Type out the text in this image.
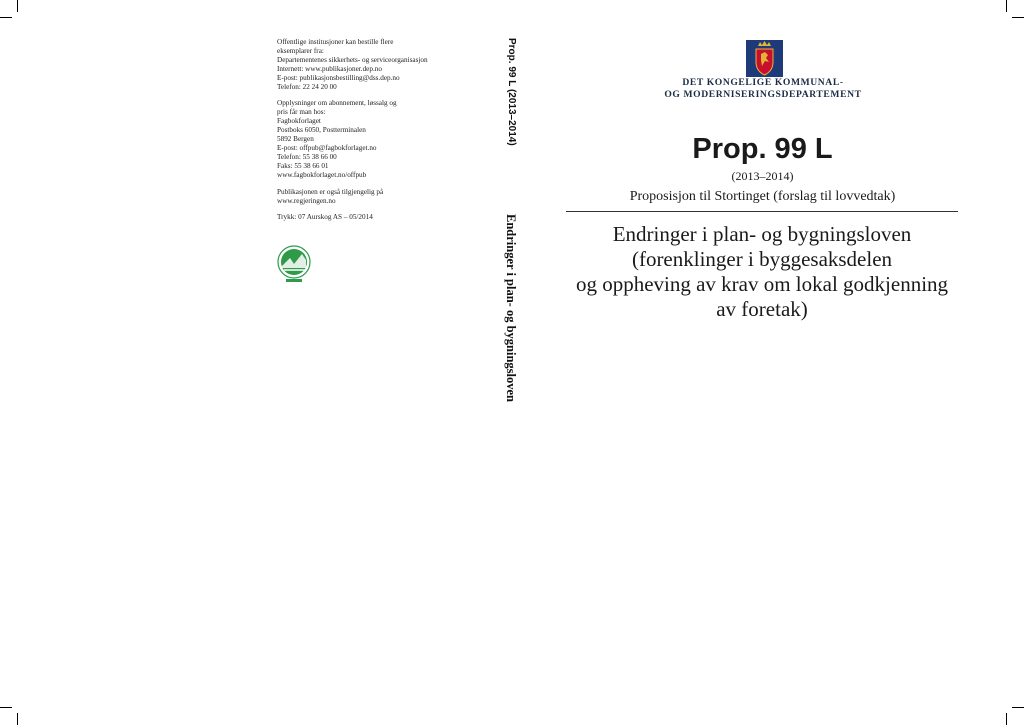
Offentlige institusjoner kan bestille flere
eksemplarer fra:
Departementenes sikkerhets- og serviceorganisasjon
Internett: www.publikasjoner.dep.no
E-post: publikasjonsbestilling@dss.dep.no
Telefon: 22 24 20 00
Opplysninger om abonnement, løssalg og
pris får man hos:
Fagbokforlaget
Postboks 6050, Postterminalen
5892 Bergen
E-post: offpub@fagbokforlaget.no
Telefon: 55 38 66 00
Faks: 55 38 66 01
www.fagbokforlaget.no/offpub
Publikasjonen er også tilgjengelig på
www.regjeringen.no
Trykk: 07 Aurskog AS – 05/2014
Prop. 99 L (2013–2014)
Endringer i plan- og bygningsloven
DET KONGELIGE KOMMUNAL-
OG MODERNISERINGSDEPARTEMENT
Prop. 99 L
(2013–2014)
Proposisjon til Stortinget (forslag til lovvedtak)
Endringer i plan- og bygningsloven
(forenklinger i byggesaksdelen
og oppheving av krav om lokal godkjenning
av foretak)
